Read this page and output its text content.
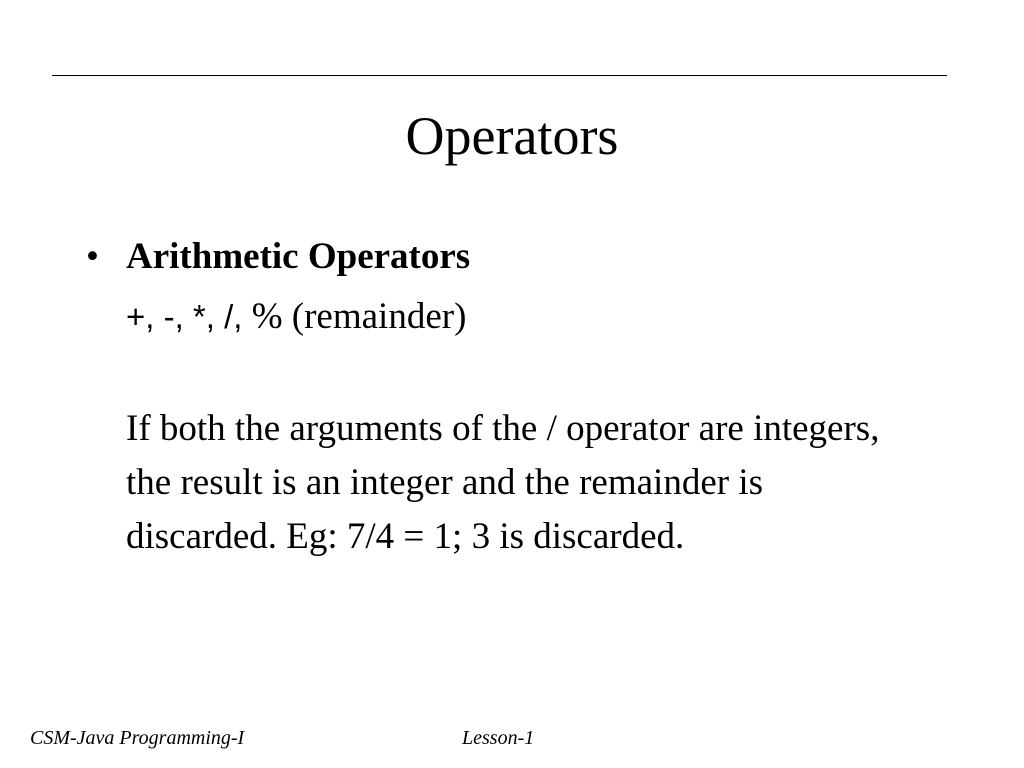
Operators
• Arithmetic Operators
+, -, *, /, % (remainder)
If both the arguments of the / operator are integers, the result is an integer and the remainder is discarded. Eg: 7/4 = 1; 3 is discarded.
CSM-Java Programming-I	Lesson-1
